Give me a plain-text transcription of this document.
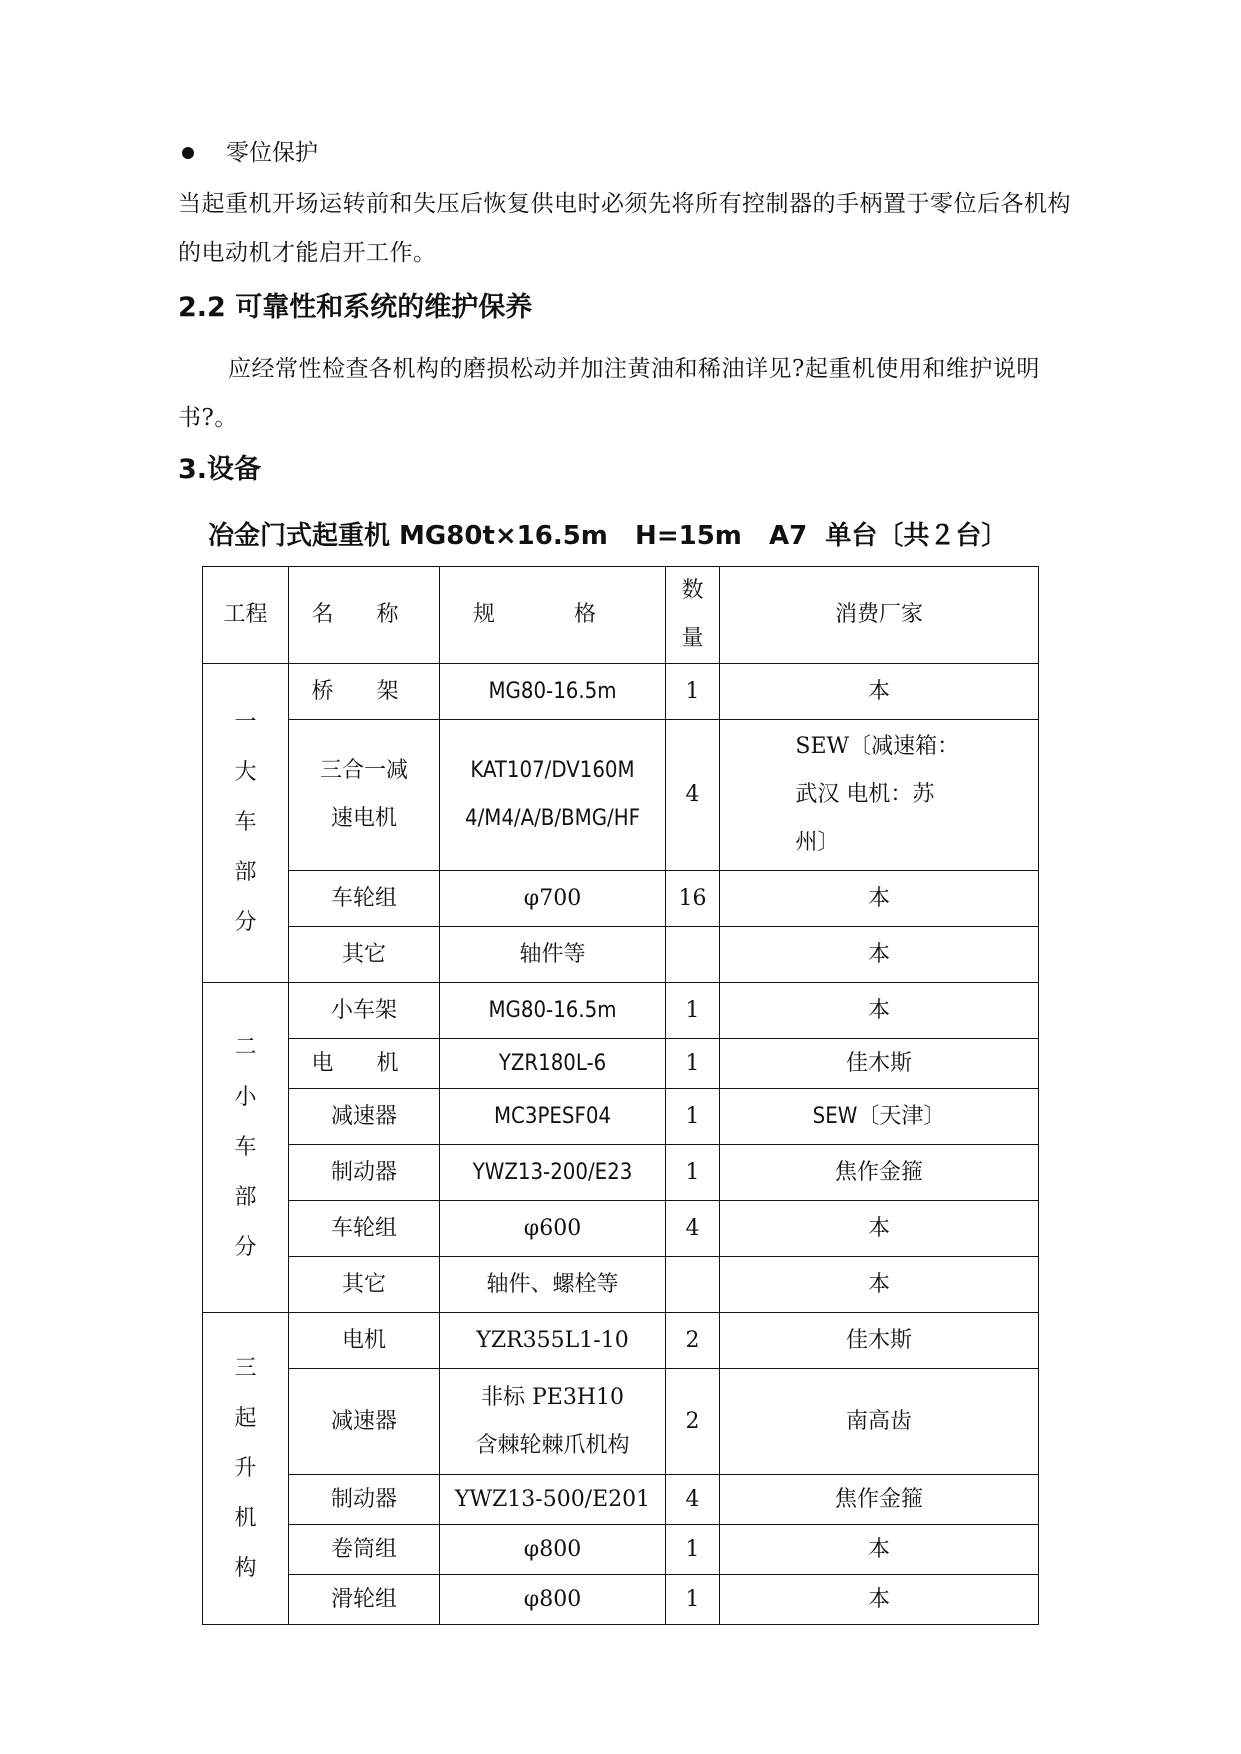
零位保护
当起重机开场运转前和失压后恢复供电时必须先将所有控制器的手柄置于零位后各机构的电动机才能启开工作。
2.2 可靠性和系统的维护保养
应经常性检查各机构的磨损松动并加注黄油和稀油详见?起重机使用和维护说明书?。
3.设备
冶金门式起重机 MG80t×16.5m   H=15m   A7  单台〔共２台〕
工程	名 称	规 格	数量	消费厂家
一大车部分	桥 架	MG80-16.5m	1	本
	三合一减速电机	KAT107/DV160M4/M4/A/B/BMG/HF	4	SEW〔减速箱：武汉 电机：苏州〕
	车轮组	φ700	16	本
	其它	轴件等		本
二小车部分	小车架	MG80-16.5m	1	本
	电 机	YZR180L-6	1	佳木斯
	减速器	MC3PESF04	1	SEW〔天津〕
	制动器	YWZ13-200/E23	1	焦作金箍
	车轮组	φ600	4	本
	其它	轴件、螺栓等		本
三起升机构	电机	YZR355L1-10	2	佳木斯
	减速器	非标 PE3H10 含棘轮棘爪机构	2	南高齿
	制动器	YWZ13-500/E201	4	焦作金箍
	卷筒组	φ800	1	本
	滑轮组	φ800	1	本
